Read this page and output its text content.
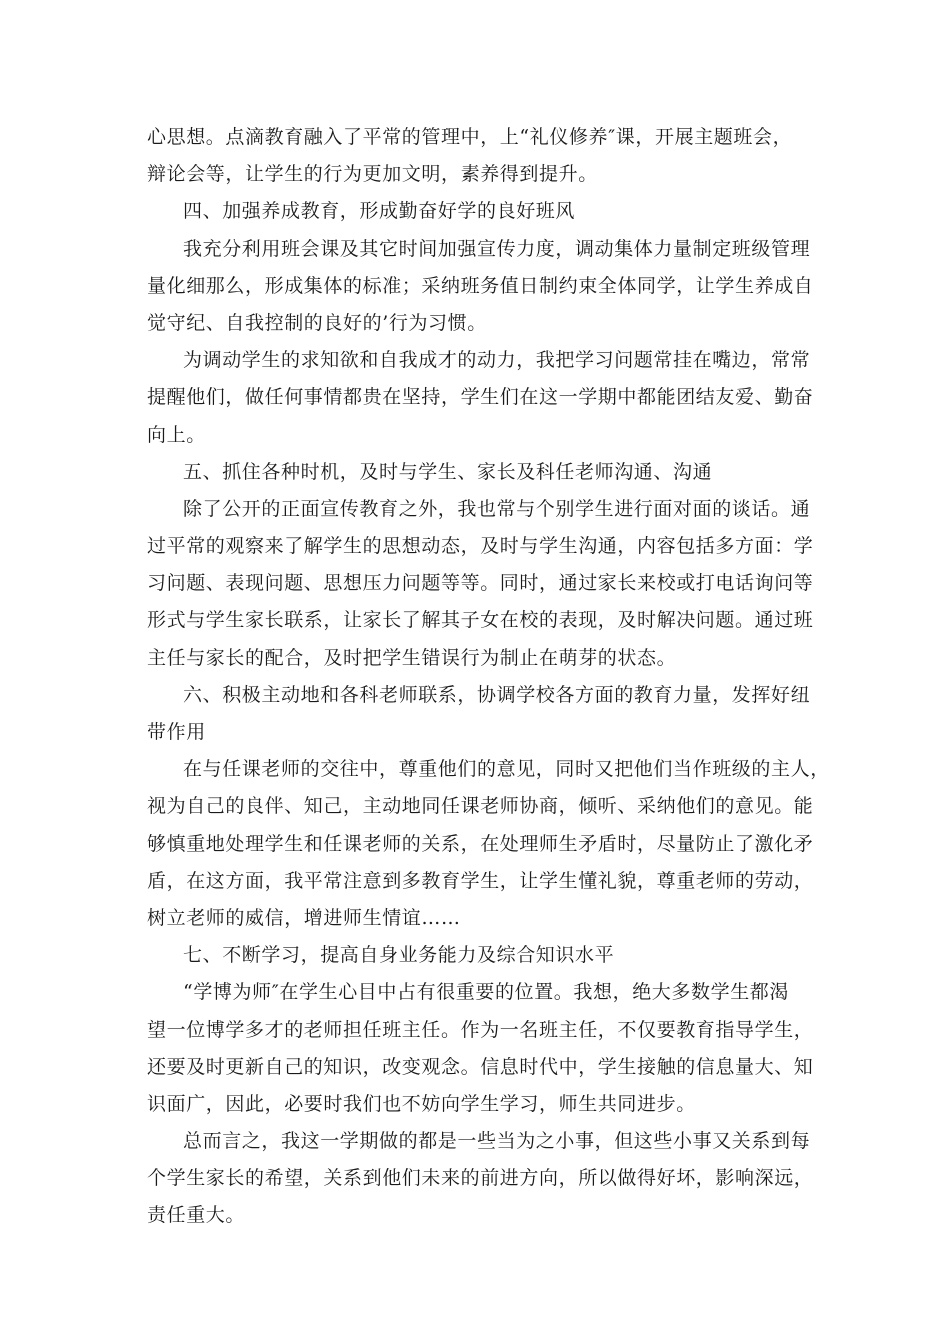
心思想。点滴教育融入了平常的管理中，上“礼仪修养″课，开展主题班会，
辩论会等，让学生的行为更加文明，素养得到提升。
四、加强养成教育，形成勤奋好学的良好班风
我充分利用班会课及其它时间加强宣传力度，调动集体力量制定班级管理
量化细那么，形成集体的标准；采纳班务值日制约束全体同学，让学生养成自
觉守纪、自我控制的良好的’行为习惯。
为调动学生的求知欲和自我成才的动力，我把学习问题常挂在嘴边，常常
提醒他们，做任何事情都贵在坚持，学生们在这一学期中都能团结友爱、勤奋
向上。
五、抓住各种时机，及时与学生、家长及科任老师沟通、沟通
除了公开的正面宣传教育之外，我也常与个别学生进行面对面的谈话。通
过平常的观察来了解学生的思想动态，及时与学生沟通，内容包括多方面：学
习问题、表现问题、思想压力问题等等。同时，通过家长来校或打电话询问等
形式与学生家长联系，让家长了解其子女在校的表现，及时解决问题。通过班
主任与家长的配合，及时把学生错误行为制止在萌芽的状态。
六、积极主动地和各科老师联系，协调学校各方面的教育力量，发挥好纽
带作用
在与任课老师的交往中，尊重他们的意见，同时又把他们当作班级的主人，
视为自己的良伴、知己，主动地同任课老师协商，倾听、采纳他们的意见。能
够慎重地处理学生和任课老师的关系，在处理师生矛盾时，尽量防止了激化矛
盾，在这方面，我平常注意到多教育学生，让学生懂礼貌，尊重老师的劳动，
树立老师的威信，增进师生情谊……
七、不断学习，提高自身业务能力及综合知识水平
“学博为师″在学生心目中占有很重要的位置。我想，绝大多数学生都渴
望一位博学多才的老师担任班主任。作为一名班主任，不仅要教育指导学生，
还要及时更新自己的知识，改变观念。信息时代中，学生接触的信息量大、知
识面广，因此，必要时我们也不妨向学生学习，师生共同进步。
总而言之，我这一学期做的都是一些当为之小事，但这些小事又关系到每
个学生家长的希望，关系到他们未来的前进方向，所以做得好坏，影响深远，
责任重大。
